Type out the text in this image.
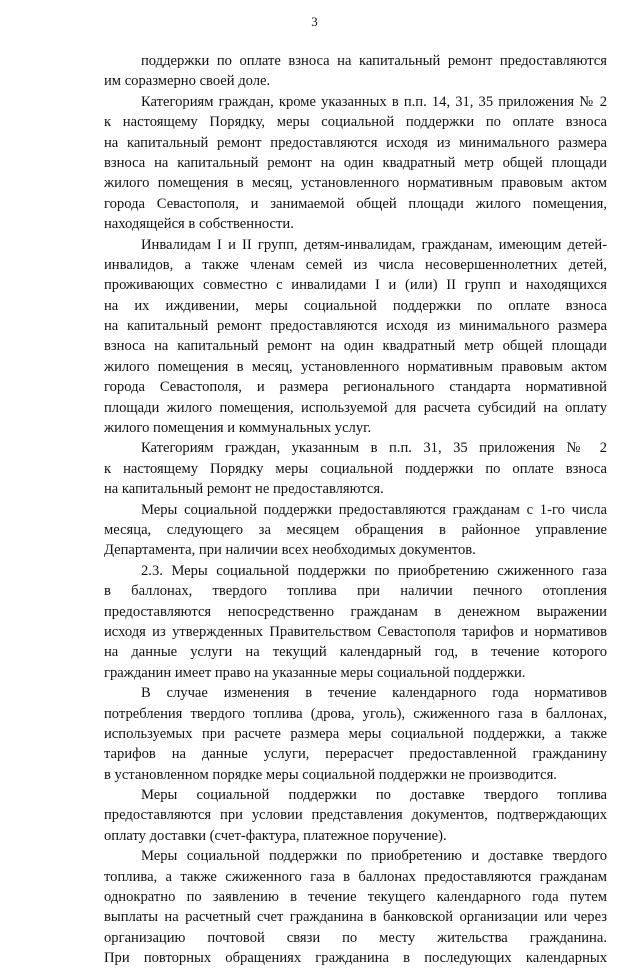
3
поддержки по оплате взноса на капитальный ремонт предоставляются
им соразмерно своей доле.
Категориям граждан, кроме указанных в п.п. 14, 31, 35 приложения № 2
к настоящему Порядку, меры социальной поддержки по оплате взноса
на капитальный ремонт предоставляются исходя из минимального размера
взноса на капитальный ремонт на один квадратный метр общей площади
жилого помещения в месяц, установленного нормативным правовым актом
города Севастополя, и занимаемой общей площади жилого помещения,
находящейся в собственности.
Инвалидам I и II групп, детям-инвалидам, гражданам, имеющим детей-
инвалидов, а также членам семей из числа несовершеннолетних детей,
проживающих совместно с инвалидами I и (или) II групп и находящихся
на их иждивении, меры социальной поддержки по оплате взноса
на капитальный ремонт предоставляются исходя из минимального размера
взноса на капитальный ремонт на один квадратный метр общей площади
жилого помещения в месяц, установленного нормативным правовым актом
города Севастополя, и размера регионального стандарта нормативной
площади жилого помещения, используемой для расчета субсидий на оплату
жилого помещения и коммунальных услуг.
Категориям граждан, указанным в п.п. 31, 35 приложения № 2
к настоящему Порядку меры социальной поддержки по оплате взноса
на капитальный ремонт не предоставляются.
Меры социальной поддержки предоставляются гражданам с 1-го числа
месяца, следующего за месяцем обращения в районное управление
Департамента, при наличии всех необходимых документов.
2.3. Меры социальной поддержки по приобретению сжиженного газа
в баллонах, твердого топлива при наличии печного отопления
предоставляются непосредственно гражданам в денежном выражении
исходя из утвержденных Правительством Севастополя тарифов и нормативов
на данные услуги на текущий календарный год, в течение которого
гражданин имеет право на указанные меры социальной поддержки.
В случае изменения в течение календарного года нормативов
потребления твердого топлива (дрова, уголь), сжиженного газа в баллонах,
используемых при расчете размера меры социальной поддержки, а также
тарифов на данные услуги, перерасчет предоставленной гражданину
в установленном порядке меры социальной поддержки не производится.
Меры социальной поддержки по доставке твердого топлива
предоставляются при условии представления документов, подтверждающих
оплату доставки (счет-фактура, платежное поручение).
Меры социальной поддержки по приобретению и доставке твердого
топлива, а также сжиженного газа в баллонах предоставляются гражданам
однократно по заявлению в течение текущего календарного года путем
выплаты на расчетный счет гражданина в банковской организации или через
организацию почтовой связи по месту жительства гражданина.
При повторных обращениях гражданина в последующих календарных
